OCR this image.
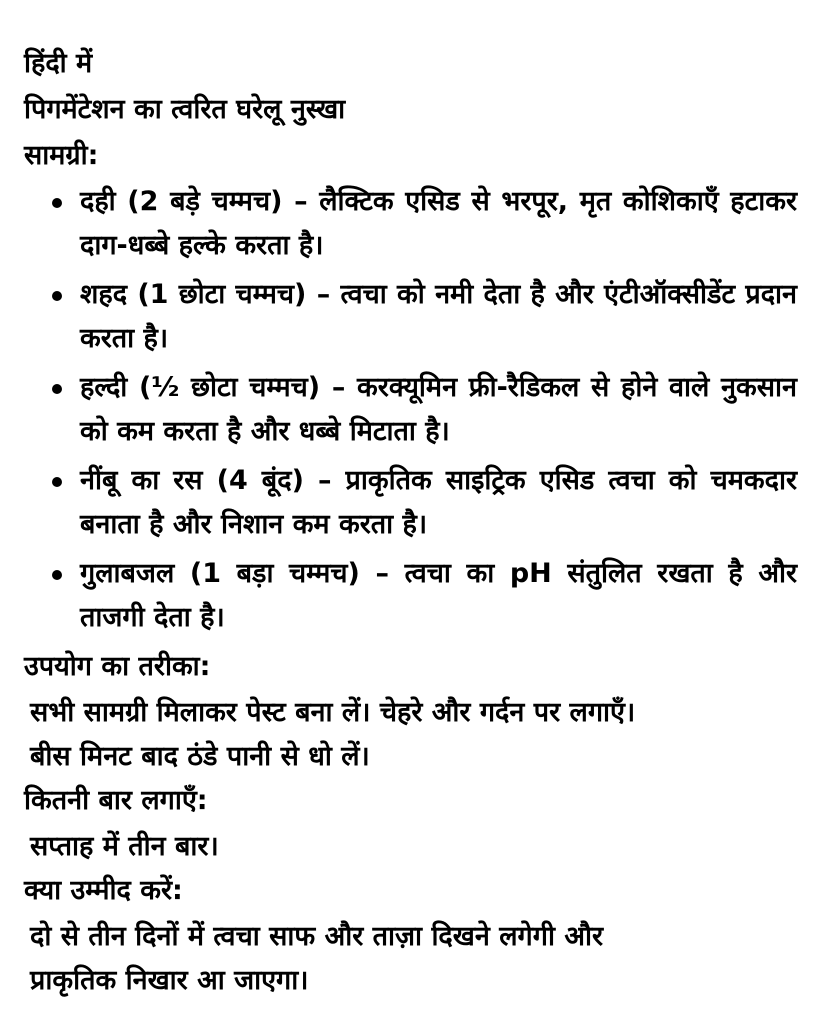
हिंदी में

पिगमेंटेशन का त्वरित घरेलू नुस्खा

सामग्री:

दही (2 बड़े चम्मच) – लैक्टिक एसिड से भरपूर, मृत कोशिकाएँ हटाकर दाग-धब्बे हल्के करता है।
शहद (1 छोटा चम्मच) – त्वचा को नमी देता है और एंटीऑक्सीडेंट प्रदान करता है।
हल्दी (½ छोटा चम्मच) – करक्यूमिन फ्री-रैडिकल से होने वाले नुकसान को कम करता है और धब्बे मिटाता है।
नींबू का रस (4 बूंद) – प्राकृतिक साइट्रिक एसिड त्वचा को चमकदार बनाता है और निशान कम करता है।
गुलाबजल (1 बड़ा चम्मच) – त्वचा का pH संतुलित रखता है और ताजगी देता है।

उपयोग का तरीका:

सभी सामग्री मिलाकर पेस्ट बना लें। चेहरे और गर्दन पर लगाएँ।
बीस मिनट बाद ठंडे पानी से धो लें।

कितनी बार लगाएँ:

सप्ताह में तीन बार।

क्या उम्मीद करें:

दो से तीन दिनों में त्वचा साफ और ताज़ा दिखने लगेगी और
प्राकृतिक निखार आ जाएगा।
